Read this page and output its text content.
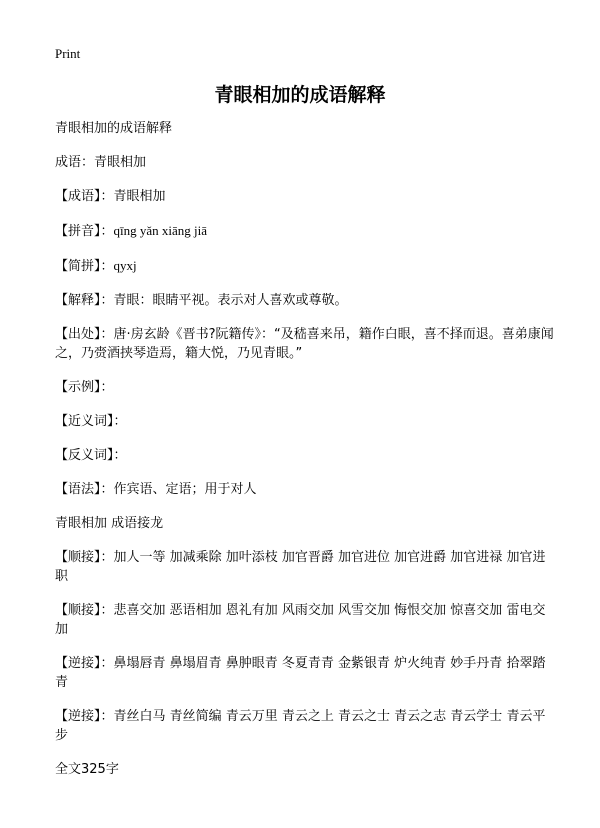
Print
青眼相加的成语解释

青眼相加的成语解释

成语：青眼相加

【成语】：青眼相加

【拼音】：qīng yǎn xiāng jiā

【简拼】：qyxj

【解释】：青眼：眼睛平视。表示对人喜欢或尊敬。

【出处】：唐·房玄龄《晋书?阮籍传》：“及嵇喜来吊，籍作白眼，喜不择而退。喜弟康闻之，乃赍酒挟琴造焉，籍大悦，乃见青眼。”

【示例】：

【近义词】：

【反义词】：

【语法】：作宾语、定语；用于对人

青眼相加 成语接龙

【顺接】：加人一等 加减乘除 加叶添枝 加官晋爵 加官进位 加官进爵 加官进禄 加官进职

【顺接】：悲喜交加 恶语相加 恩礼有加 风雨交加 风雪交加 悔恨交加 惊喜交加 雷电交加

【逆接】：鼻塌唇青 鼻塌眉青 鼻肿眼青 冬夏青青 金紫银青 炉火纯青 妙手丹青 拾翠踏青

【逆接】：青丝白马 青丝简编 青云万里 青云之上 青云之士 青云之志 青云学士 青云平步

全文325字
